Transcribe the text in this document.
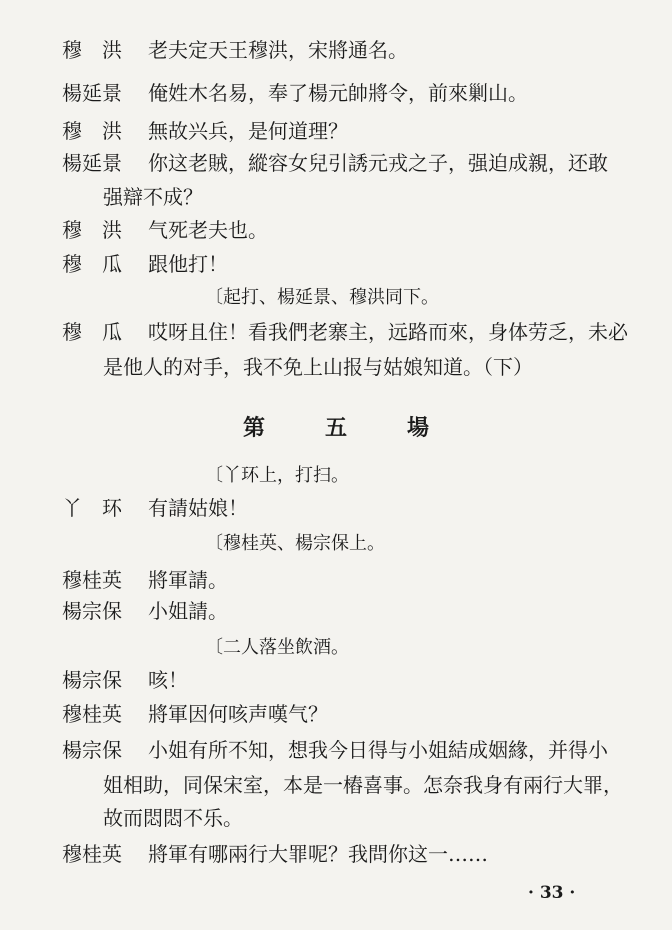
穆　洪 老夫定天王穆洪，宋將通名。
楊延景 俺姓木名易，奉了楊元帥將令，前來剿山。
穆　洪 無故兴兵，是何道理？
楊延景 你这老賊，縱容女兒引誘元戎之子，强迫成親，还敢
强辯不成？
穆　洪 气死老夫也。
穆　瓜 跟他打！
〔起打、楊延景、穆洪同下。
穆　瓜 哎呀且住！看我們老寨主，远路而來，身体劳乏，未必
是他人的对手，我不免上山报与姑娘知道。（下）
第	五	場
〔丫环上，打扫。
丫　环 有請姑娘！
〔穆桂英、楊宗保上。
穆桂英 將軍請。
楊宗保 小姐請。
〔二人落坐飲酒。
楊宗保 咳！
穆桂英 將軍因何咳声嘆气？
楊宗保 小姐有所不知，想我今日得与小姐結成姻緣，并得小
姐相助，同保宋室，本是一樁喜事。怎奈我身有兩行大罪，
故而悶悶不乐。
穆桂英 將軍有哪兩行大罪呢？我問你这一……
· 33 ·
